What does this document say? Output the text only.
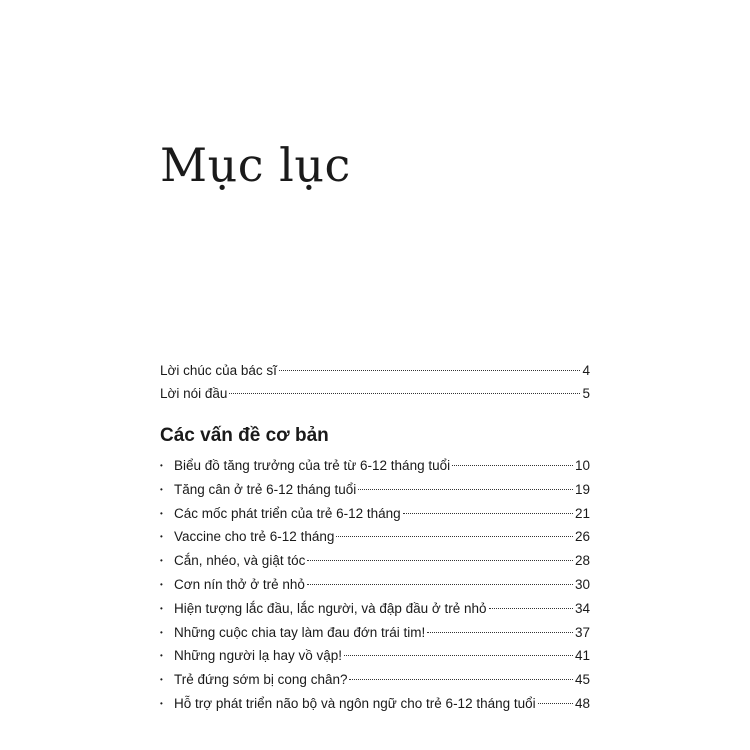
Mục lục
Lời chúc của bác sĩ	4
Lời nói đầu	5
Các vấn đề cơ bản
• Biểu đồ tăng trưởng của trẻ từ 6-12 tháng tuổi	10
• Tăng cân ở trẻ 6-12 tháng tuổi	19
• Các mốc phát triển của trẻ 6-12 tháng	21
• Vaccine cho trẻ 6-12 tháng	26
• Cắn, nhéo, và giật tóc	28
• Cơn nín thở ở trẻ nhỏ	30
• Hiện tượng lắc đầu, lắc người, và đập đầu ở trẻ nhỏ	34
• Những cuộc chia tay làm đau đớn trái tim!	37
• Những người lạ hay vồ vập!	41
• Trẻ đứng sớm bị cong chân?	45
• Hỗ trợ phát triển não bộ và ngôn ngữ cho trẻ 6-12 tháng tuổi	48
